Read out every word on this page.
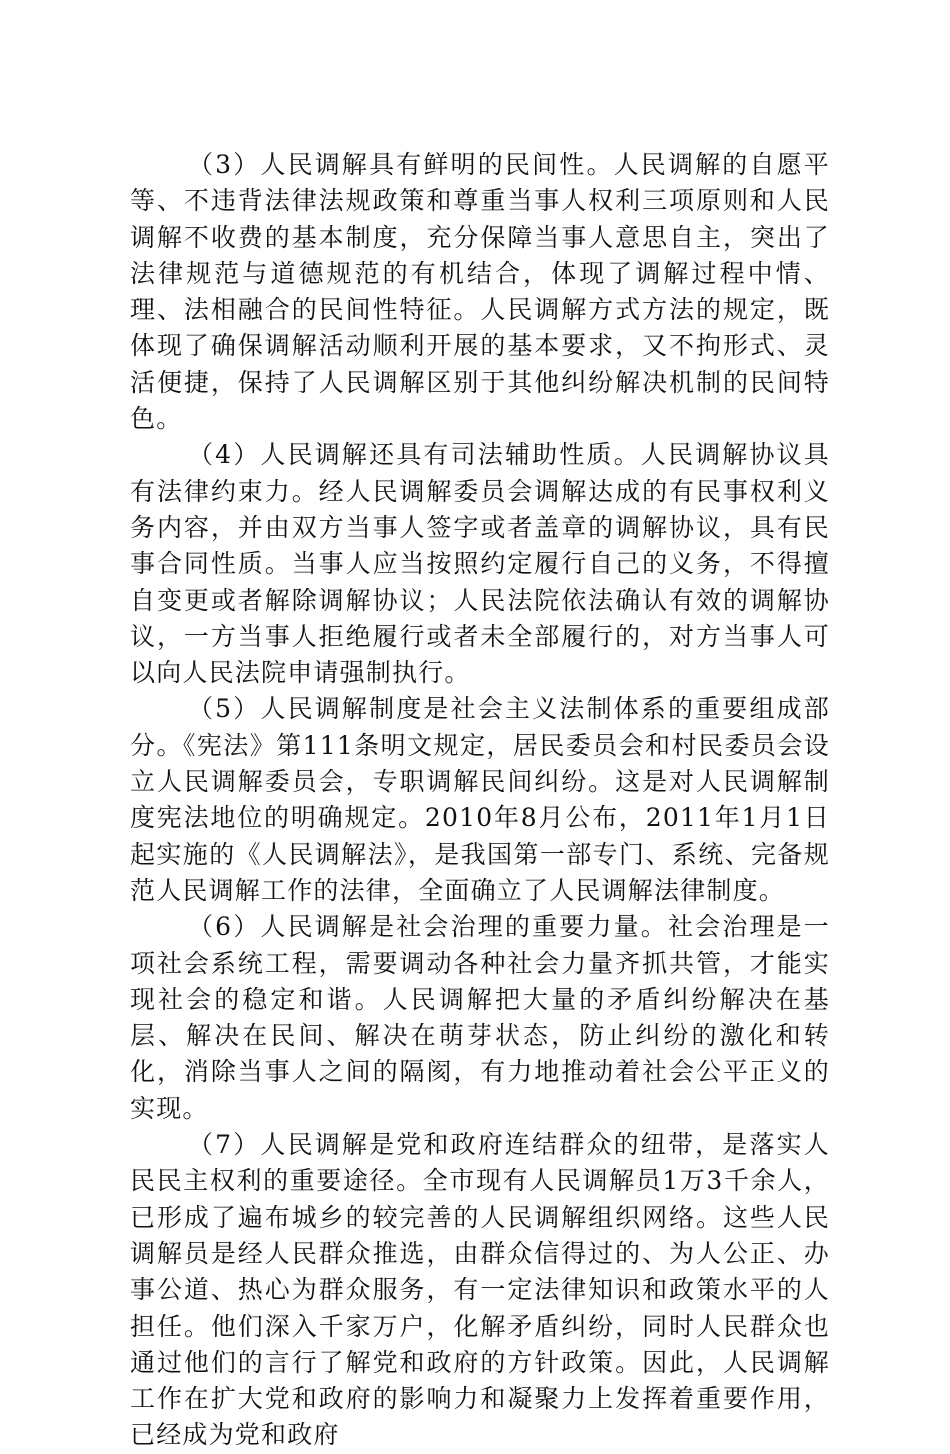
（3）人民调解具有鲜明的民间性。人民调解的自愿平等、不违背法律法规政策和尊重当事人权利三项原则和人民调解不收费的基本制度，充分保障当事人意思自主，突出了法律规范与道德规范的有机结合，体现了调解过程中情、理、法相融合的民间性特征。人民调解方式方法的规定，既体现了确保调解活动顺利开展的基本要求，又不拘形式、灵活便捷，保持了人民调解区别于其他纠纷解决机制的民间特色。

（4）人民调解还具有司法辅助性质。人民调解协议具有法律约束力。经人民调解委员会调解达成的有民事权利义务内容，并由双方当事人签字或者盖章的调解协议，具有民事合同性质。当事人应当按照约定履行自己的义务，不得擅自变更或者解除调解协议；人民法院依法确认有效的调解协议，一方当事人拒绝履行或者未全部履行的，对方当事人可以向人民法院申请强制执行。

（5）人民调解制度是社会主义法制体系的重要组成部分。《宪法》第111条明文规定，居民委员会和村民委员会设立人民调解委员会，专职调解民间纠纷。这是对人民调解制度宪法地位的明确规定。2010年8月公布，2011年1月1日起实施的《人民调解法》，是我国第一部专门、系统、完备规范人民调解工作的法律，全面确立了人民调解法律制度。

（6）人民调解是社会治理的重要力量。社会治理是一项社会系统工程，需要调动各种社会力量齐抓共管，才能实现社会的稳定和谐。人民调解把大量的矛盾纠纷解决在基层、解决在民间、解决在萌芽状态，防止纠纷的激化和转化，消除当事人之间的隔阂，有力地推动着社会公平正义的实现。

（7）人民调解是党和政府连结群众的纽带，是落实人民民主权利的重要途径。全市现有人民调解员1万3千余人，已形成了遍布城乡的较完善的人民调解组织网络。这些人民调解员是经人民群众推选，由群众信得过的、为人公正、办事公道、热心为群众服务，有一定法律知识和政策水平的人担任。他们深入千家万户，化解矛盾纠纷，同时人民群众也通过他们的言行了解党和政府的方针政策。因此，人民调解工作在扩大党和政府的影响力和凝聚力上发挥着重要作用，已经成为党和政府
